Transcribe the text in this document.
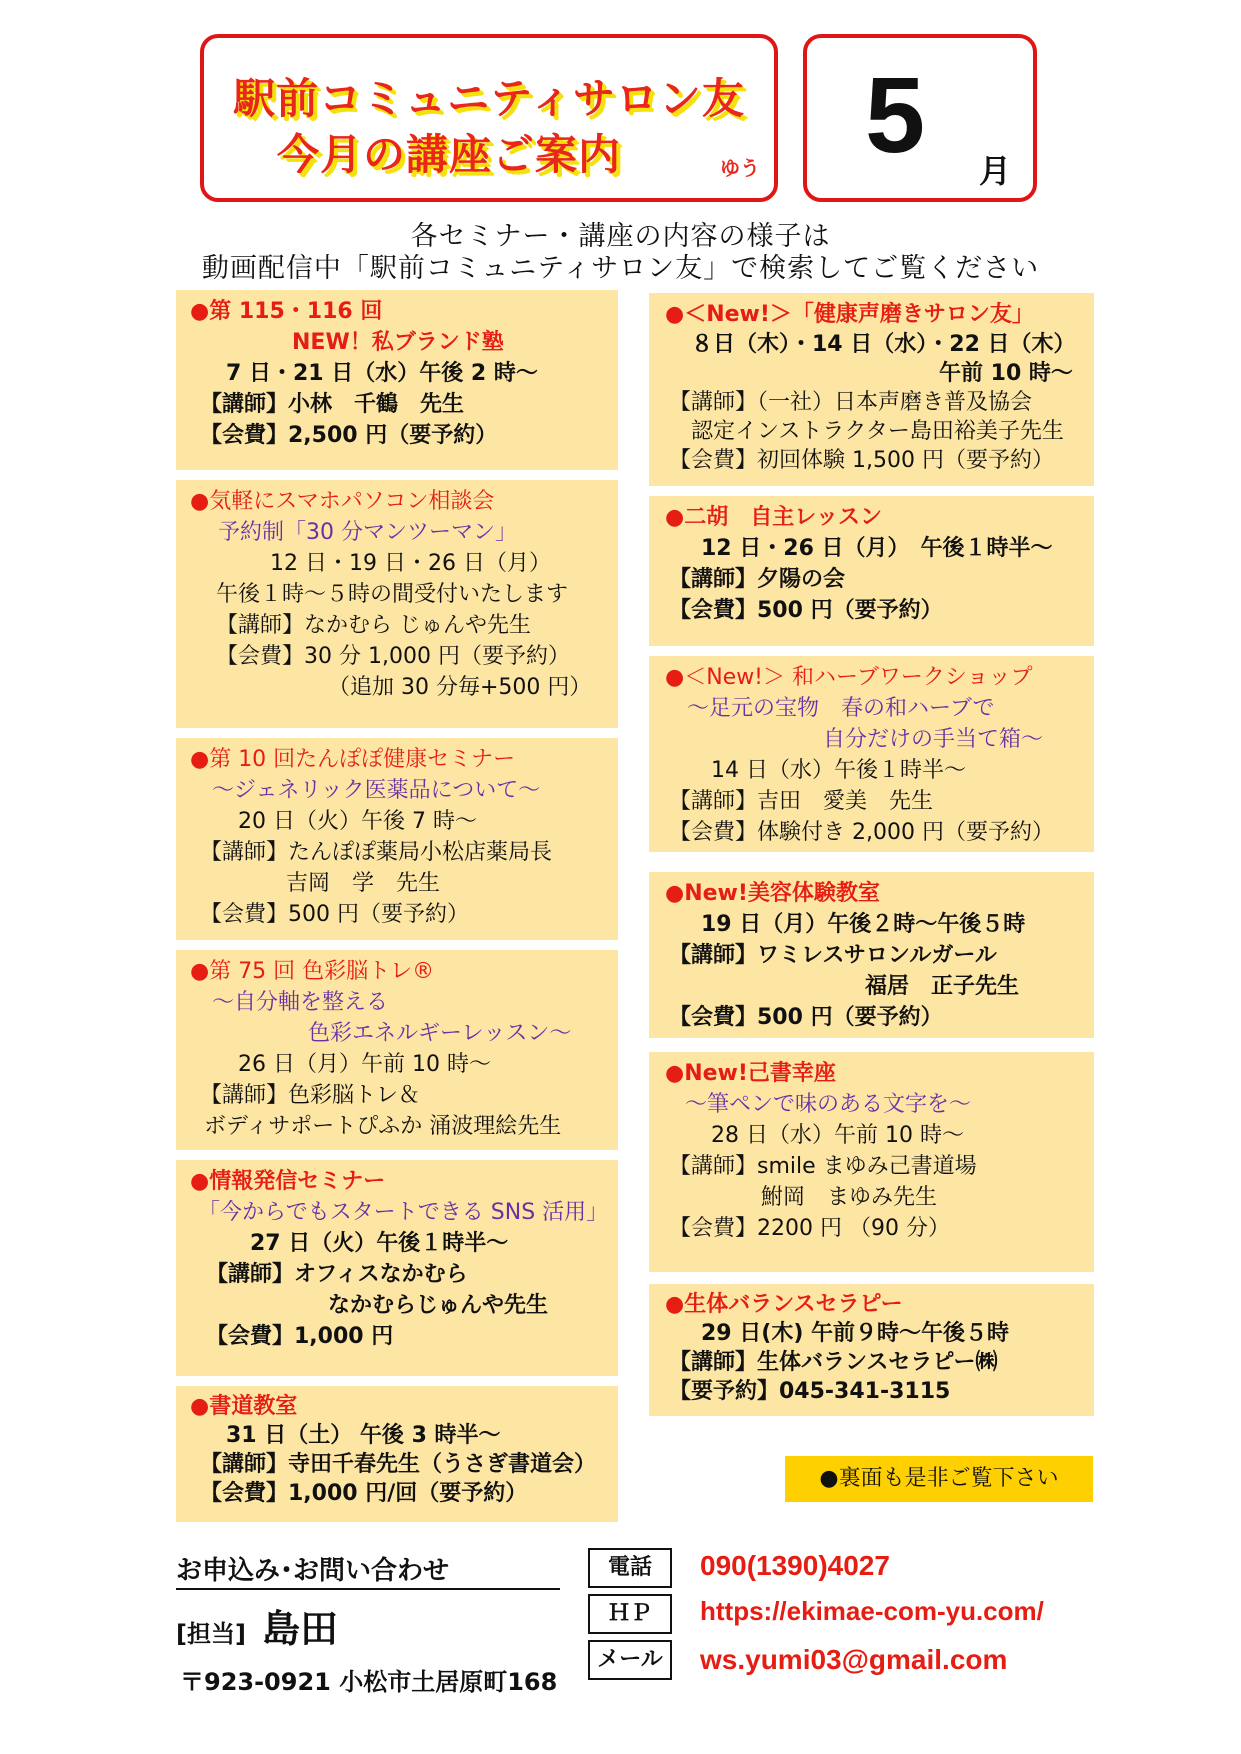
駅前コミュニティサロン友
今月の講座ご案内	ゆう 5 月
各セミナー・講座の内容の様子は
動画配信中「駅前コミュニティサロン友」で検索してご覧ください
●第 115・116 回
NEW！私ブランド塾
7 日・21 日（水）午後 2 時～
【講師】小林　千鶴　先生
【会費】2,500 円（要予約）
●気軽にスマホパソコン相談会
予約制「30 分マンツーマン」
12 日・19 日・26 日（月）
午後１時～５時の間受付いたします
【講師】なかむら じゅんや先生
【会費】30 分 1,000 円（要予約）
（追加 30 分毎+500 円）
●第 10 回たんぽぽ健康セミナー
～ジェネリック医薬品について～
20 日（火）午後 7 時～
【講師】たんぽぽ薬局小松店薬局長
吉岡　学　先生
【会費】500 円（要予約）
●第 75 回 色彩脳トレ®
～自分軸を整える
色彩エネルギーレッスン～
26 日（月）午前 10 時～
【講師】色彩脳トレ＆
ボディサポートぴふか 涌波理絵先生
●情報発信セミナー
「今からでもスタートできる SNS 活用」
27 日（火）午後１時半～
【講師】オフィスなかむら
なかむらじゅんや先生
【会費】1,000 円
●書道教室
31 日（土） 午後 3 時半～
【講師】寺田千春先生（うさぎ書道会）
【会費】1,000 円/回（要予約）
●＜New!＞「健康声磨きサロン友」
８日（木）・14 日（水）・22 日（木）
午前 10 時～
【講師】（一社）日本声磨き普及協会
認定インストラクター島田裕美子先生
【会費】初回体験 1,500 円（要予約）
●二胡　自主レッスン
12 日・26 日（月）　午後１時半～
【講師】夕陽の会
【会費】500 円（要予約）
●＜New!＞ 和ハーブワークショップ
～足元の宝物　春の和ハーブで
自分だけの手当て箱～
14 日（水）午後１時半～
【講師】吉田　愛美　先生
【会費】体験付き 2,000 円（要予約）
●New!美容体験教室
19 日（月）午後２時～午後５時
【講師】ワミレスサロンルガール
福居　正子先生
【会費】500 円（要予約）
●New!己書幸座
～筆ペンで味のある文字を～
28 日（水）午前 10 時～
【講師】smile まゆみ己書道場
鮒岡　まゆみ先生
【会費】2200 円 （90 分）
●生体バランスセラピー
29 日(木) 午前９時～午後５時
【講師】生体バランスセラピー㈱
【要予約】045-341-3115
●裏面も是非ご覧下さい
お申込み･お問い合わせ
[担当] 島田
〒923-0921 小松市土居原町168
電話
ＨＰ
メール
090(1390)4027
https://ekimae-com-yu.com/
ws.yumi03@gmail.com
